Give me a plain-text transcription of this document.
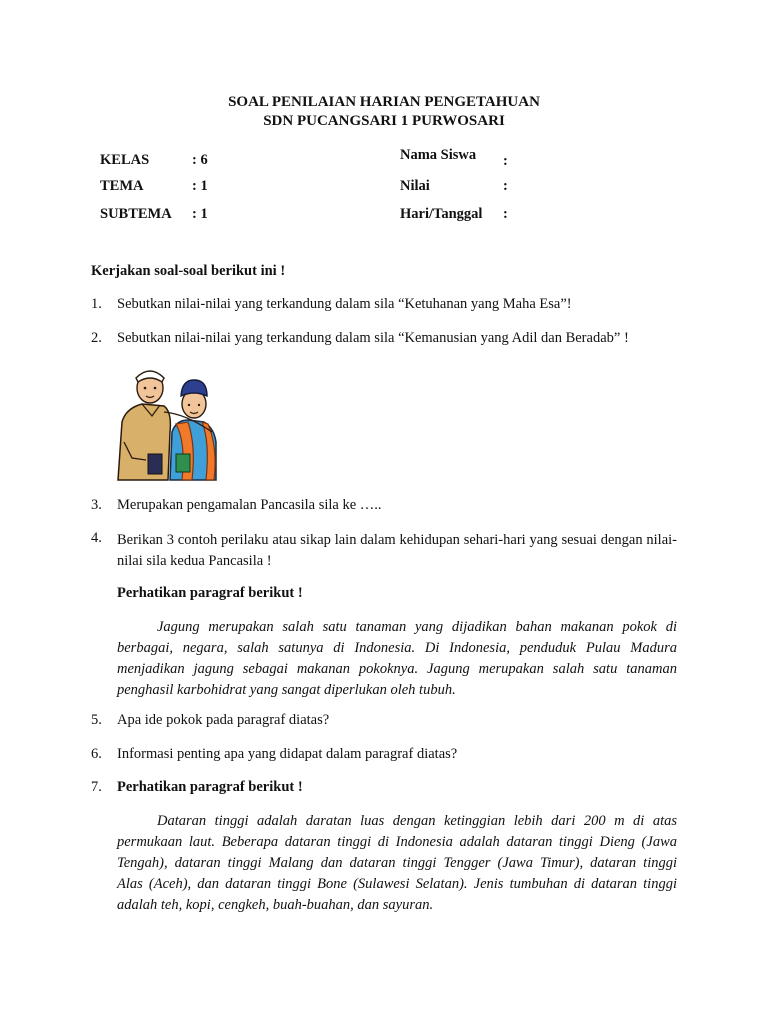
SOAL PENILAIAN HARIAN PENGETAHUAN
SDN PUCANGSARI 1 PURWOSARI
KELAS	: 6
TEMA	: 1
SUBTEMA : 1
Nama Siswa :
Nilai	:
Hari/Tanggal :
Kerjakan soal-soal berikut ini !
1.	Sebutkan nilai-nilai yang terkandung dalam sila “Ketuhanan yang Maha Esa”!
2.	Sebutkan nilai-nilai yang terkandung dalam sila “Kemanusian yang Adil dan Beradab” !
3.	Merupakan pengamalan Pancasila sila ke …..
4.	Berikan 3 contoh perilaku atau sikap lain dalam kehidupan sehari-hari yang sesuai dengan nilai-nilai sila kedua Pancasila !
Perhatikan paragraf berikut !
Jagung merupakan salah satu tanaman yang dijadikan bahan makanan pokok di
berbagai, negara, salah satunya di Indonesia. Di Indonesia, penduduk Pulau Madura
menjadikan jagung sebagai makanan pokoknya. Jagung merupakan salah satu tanaman
penghasil karbohidrat yang sangat diperlukan oleh tubuh.
5.	Apa ide pokok pada paragraf diatas?
6.	Informasi penting apa yang didapat dalam paragraf diatas?
7.	Perhatikan paragraf berikut !
Dataran tinggi adalah daratan luas dengan ketinggian lebih dari 200 m di atas
permukaan laut. Beberapa dataran tinggi di Indonesia adalah dataran tinggi Dieng (Jawa
Tengah), dataran tinggi Malang dan dataran tinggi Tengger (Jawa Timur), dataran tinggi
Alas (Aceh), dan dataran tinggi Bone (Sulawesi Selatan). Jenis tumbuhan di dataran tinggi
adalah teh, kopi, cengkeh, buah-buahan, dan sayuran.
